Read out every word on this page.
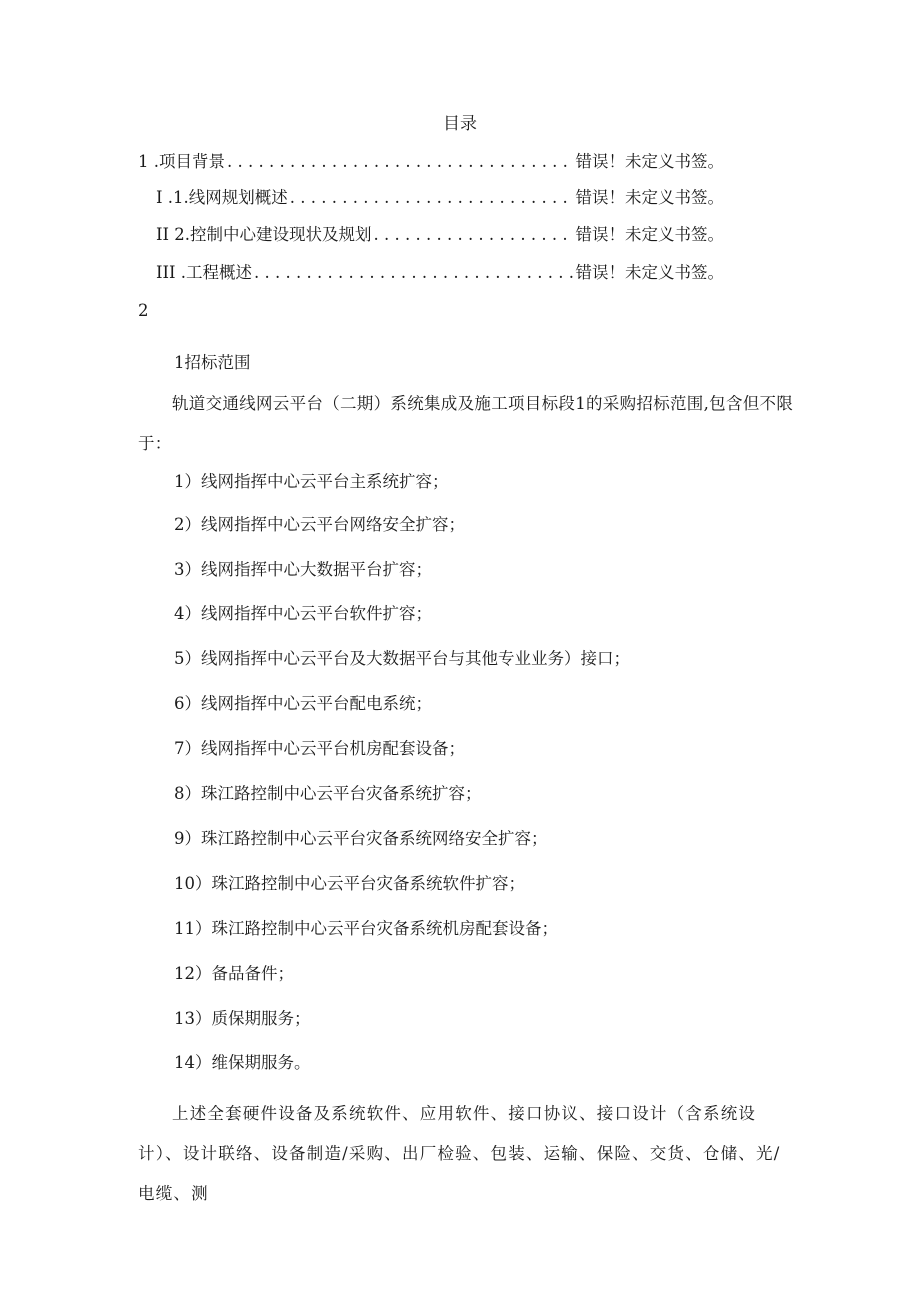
目录
1 .项目背景 . . .	错误！未定义书签。
I .1.线网规划概述 . . .	错误！未定义书签。
II 2.控制中心建设现状及规划 . . .	错误！未定义书签。
III .工程概述 . . .	错误！未定义书签。
2
1招标范围
轨道交通线网云平台（二期）系统集成及施工项目标段1的采购招标范围,包含但不限于：
1）线网指挥中心云平台主系统扩容；
2）线网指挥中心云平台网络安全扩容；
3）线网指挥中心大数据平台扩容；
4）线网指挥中心云平台软件扩容；
5）线网指挥中心云平台及大数据平台与其他专业业务）接口；
6）线网指挥中心云平台配电系统；
7）线网指挥中心云平台机房配套设备；
8）珠江路控制中心云平台灾备系统扩容；
9）珠江路控制中心云平台灾备系统网络安全扩容；
10）珠江路控制中心云平台灾备系统软件扩容；
11）珠江路控制中心云平台灾备系统机房配套设备；
12）备品备件；
13）质保期服务；
14）维保期服务。
上述全套硬件设备及系统软件、应用软件、接口协议、接口设计（含系统设计）、设计联络、设备制造/采购、出厂检验、包装、运输、保险、交货、仓储、光/电缆、测
